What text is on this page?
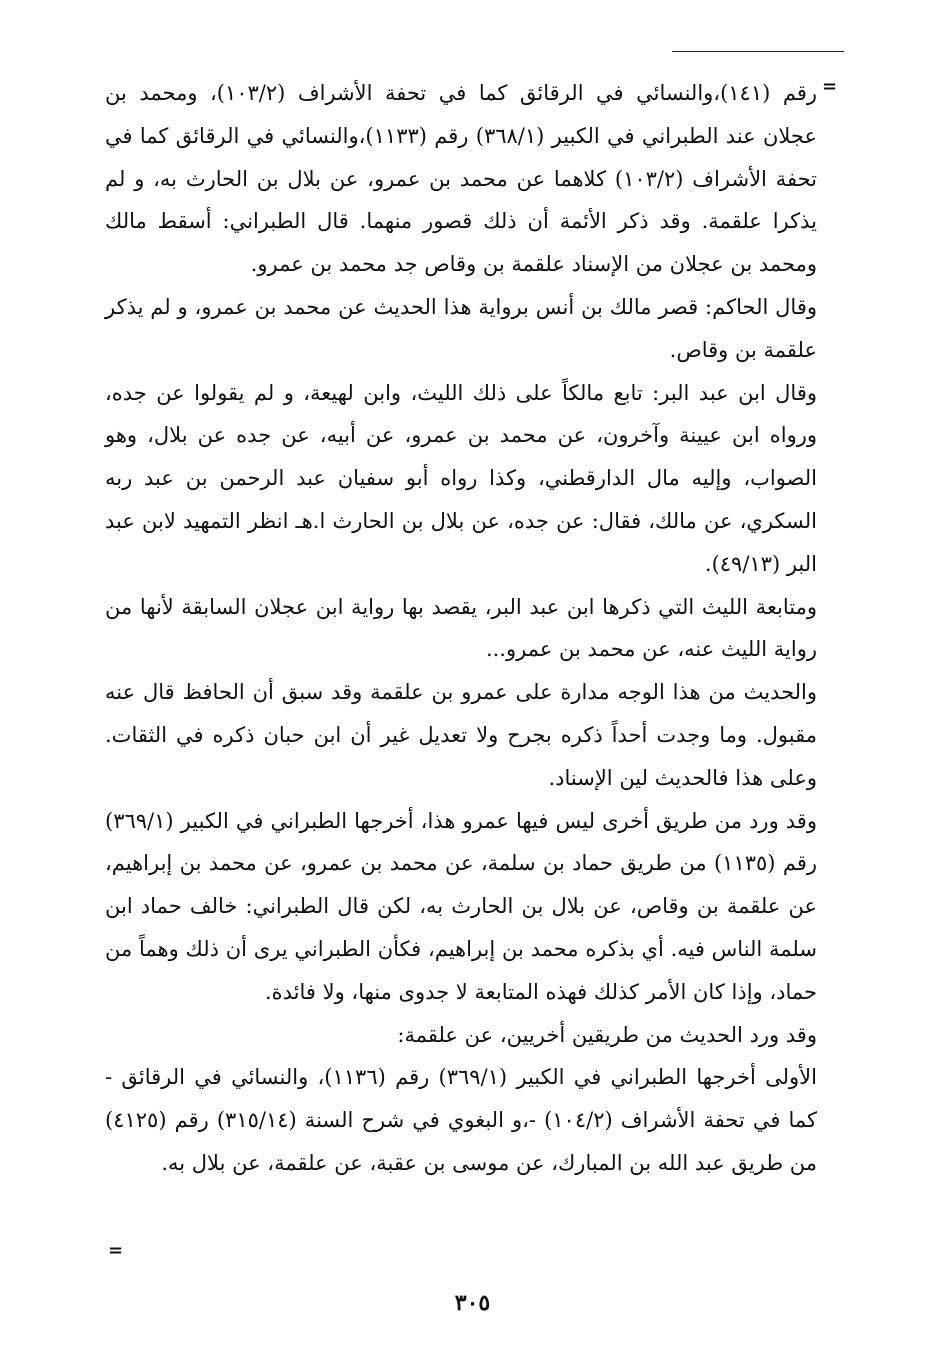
=

رقم (١٤١)،والنسائي في الرقائق كما في تحفة الأشراف (١٠٣/٢)، ومحمد بن عجلان عند الطبراني في الكبير (٣٦٨/١) رقم (١١٣٣)،والنسائي في الرقائق كما في تحفة الأشراف (١٠٣/٢) كلاهما عن محمد بن عمرو، عن بلال بن الحارث به، و لم يذكرا علقمة. وقد ذكر الأئمة أن ذلك قصور منهما. قال الطبراني: أسقط مالك ومحمد بن عجلان من الإسناد علقمة بن وقاص جد محمد بن عمرو.

وقال الحاكم: قصر مالك بن أنس برواية هذا الحديث عن محمد بن عمرو، و لم يذكر علقمة بن وقاص.

وقال ابن عبد البر: تابع مالكاً على ذلك الليث، وابن لهيعة، و لم يقولوا عن جده، ورواه ابن عيينة وآخرون، عن محمد بن عمرو، عن أبيه، عن جده عن بلال، وهو الصواب، وإليه مال الدارقطني، وكذا رواه أبو سفيان عبد الرحمن بن عبد ربه السكري، عن مالك، فقال: عن جده، عن بلال بن الحارث ا.هـ انظر التمهيد لابن عبد البر (٤٩/١٣).

ومتابعة الليث التي ذكرها ابن عبد البر، يقصد بها رواية ابن عجلان السابقة لأنها من رواية الليث عنه، عن محمد بن عمرو...

والحديث من هذا الوجه مدارة على عمرو بن علقمة وقد سبق أن الحافظ قال عنه مقبول. وما وجدت أحداً ذكره بجرح ولا تعديل غير أن ابن حبان ذكره في الثقات. وعلى هذا فالحديث لين الإسناد.

وقد ورد من طريق أخرى ليس فيها عمرو هذا، أخرجها الطبراني في الكبير (٣٦٩/١) رقم (١١٣٥) من طريق حماد بن سلمة، عن محمد بن عمرو، عن محمد بن إبراهيم، عن علقمة بن وقاص، عن بلال بن الحارث به، لكن قال الطبراني: خالف حماد ابن سلمة الناس فيه. أي بذكره محمد بن إبراهيم، فكأن الطبراني يرى أن ذلك وهماً من حماد، وإذا كان الأمر كذلك فهذه المتابعة لا جدوى منها، ولا فائدة.

وقد ورد الحديث من طريقين أخريين، عن علقمة:

الأولى أخرجها الطبراني في الكبير (٣٦٩/١) رقم (١١٣٦)، والنسائي في الرقائق - كما في تحفة الأشراف (١٠٤/٢) -،و البغوي في شرح السنة (٣١٥/١٤) رقم (٤١٢٥) من طريق عبد الله بن المبارك، عن موسى بن عقبة، عن علقمة، عن بلال به.

=
٣٠٥
